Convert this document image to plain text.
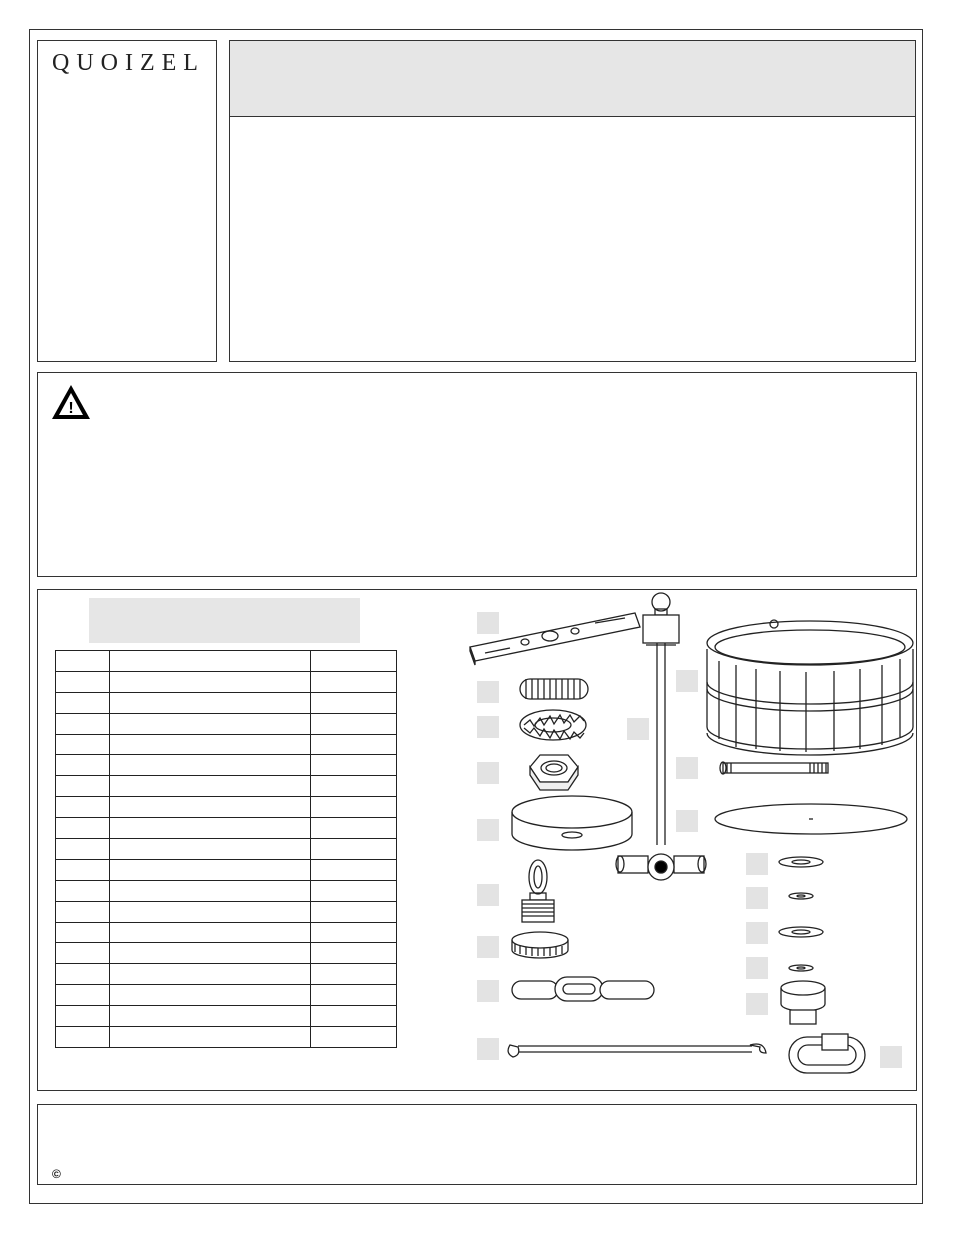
QUOIZEL
!

©
